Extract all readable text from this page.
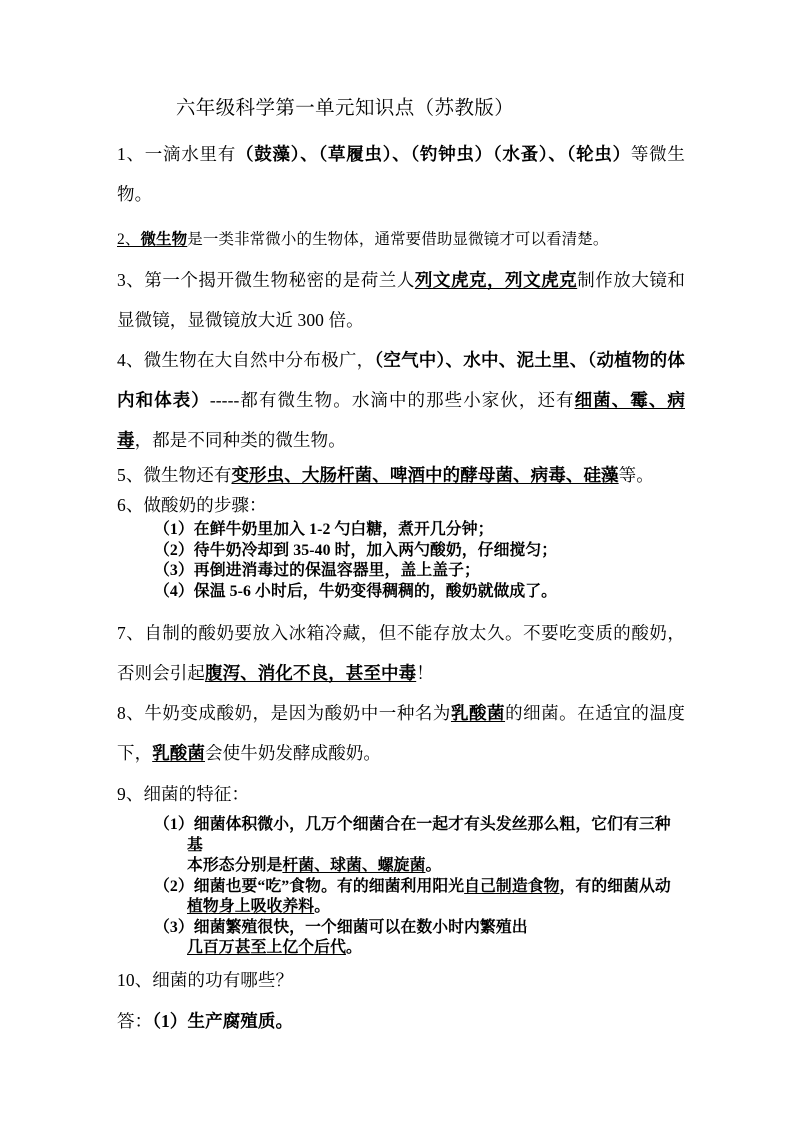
六年级科学第一单元知识点（苏教版）

1、一滴水里有（鼓藻）、（草履虫）、（钓钟虫）（水蚤）、（轮虫）等微生物。

2、微生物是一类非常微小的生物体，通常要借助显微镜才可以看清楚。

3、第一个揭开微生物秘密的是荷兰人列文虎克，列文虎克制作放大镜和显微镜，显微镜放大近 300 倍。

4、微生物在大自然中分布极广，（空气中）、水中、泥土里、（动植物的体内和体表）-----都有微生物。水滴中的那些小家伙，还有细菌、霉、病毒，都是不同种类的微生物。

5、微生物还有变形虫、大肠杆菌、啤酒中的酵母菌、病毒、硅藻等。

6、做酸奶的步骤：

（1）在鲜牛奶里加入 1-2 勺白糖，煮开几分钟；
（2）待牛奶冷却到 35-40 时，加入两勺酸奶，仔细搅匀；
（3）再倒进消毒过的保温容器里，盖上盖子；
（4）保温 5-6 小时后，牛奶变得稠稠的，酸奶就做成了。

7、自制的酸奶要放入冰箱冷藏，但不能存放太久。不要吃变质的酸奶，否则会引起腹泻、消化不良，甚至中毒！

8、牛奶变成酸奶，是因为酸奶中一种名为乳酸菌的细菌。在适宜的温度下，乳酸菌会使牛奶发酵成酸奶。

9、细菌的特征：

（1）细菌体积微小，几万个细菌合在一起才有头发丝那么粗，它们有三种基
本形态分别是杆菌、球菌、螺旋菌。
（2）细菌也要“吃”食物。有的细菌利用阳光自己制造食物，有的细菌从动
植物身上吸收养料。
（3）细菌繁殖很快，一个细菌可以在数小时内繁殖出
几百万甚至上亿个后代。

10、细菌的功有哪些？

答：（1）生产腐殖质。
